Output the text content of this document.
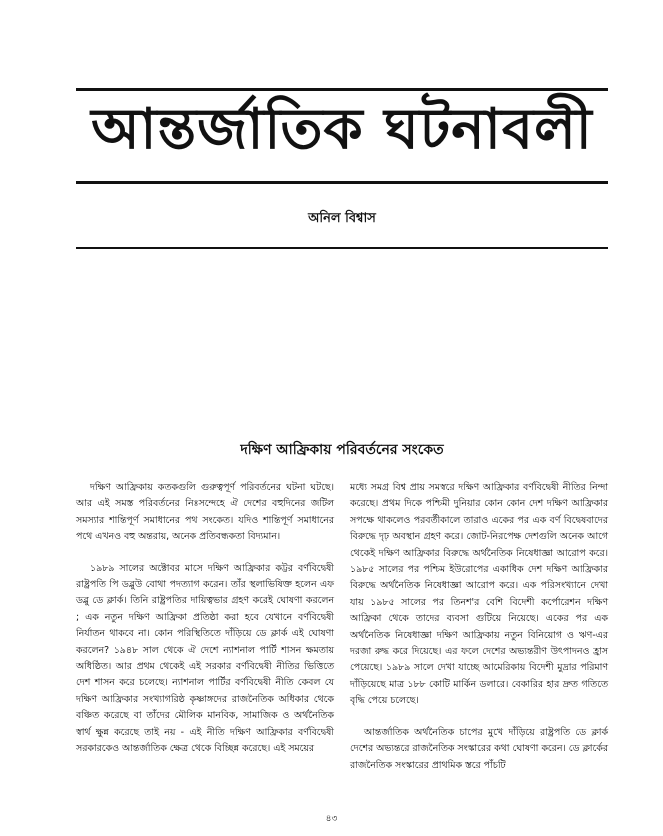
আন্তর্জাতিক ঘটনাবলী
অনিল বিশ্বাস
দক্ষিণ আফ্রিকায় পরিবর্তনের সংকেত

দক্ষিণ আফ্রিকায় কতকগুলি গুরুত্বপূর্ণ পরিবর্তনের ঘটনা ঘটছে। আর এই সমস্ত পরিবর্তনের নিঃসন্দেহে ঐ দেশের বহুদিনের জটিল সমস্যার শান্তিপূর্ণ সমাধানের পথ সংকেত। যদিও শান্তিপূর্ণ সমাধানের পথে এখনও বহু অন্তরায়, অনেক প্রতিবন্ধকতা বিদ্যমান।

১৯৮৯ সালের অক্টোবর মাসে দক্ষিণ আফ্রিকার কট্টর বর্ণবিদ্বেষী রাষ্ট্রপতি পি ডব্লুউ বোথা পদত্যাগ করেন। তাঁর স্থলাভিষিক্ত হলেন এফ ডব্লু ডে ক্লার্ক। তিনি রাষ্ট্রপতির দায়িত্বভার গ্রহণ করেই ঘোষণা করলেন ; এক নতুন দক্ষিণ আফ্রিকা প্রতিষ্ঠা করা হবে যেখানে বর্ণবিদ্বেষী নির্যাতন থাকবে না। কোন পরিস্থিতিতে দাঁড়িয়ে ডে ক্লার্ক এই ঘোষণা করলেন? ১৯৪৮ সাল থেকে ঐ দেশে ন্যাশনাল পার্টি শাসন ক্ষমতায় অধিষ্ঠিত। আর প্রথম থেকেই এই সরকার বর্ণবিদ্বেষী নীতির ভিত্তিতে দেশ শাসন করে চলেছে। ন্যাশনাল পার্টির বর্ণবিদ্বেষী নীতি কেবল যে দক্ষিণ আফ্রিকার সংখ্যাগরিষ্ঠ কৃষ্ণাঙ্গদের রাজনৈতিক অধিকার থেকে বঞ্চিত করেছে বা তাঁদের মৌলিক মানবিক, সামাজিক ও অর্থনৈতিক স্বার্থ ক্ষুন্ন করেছে তাই নয় - এই নীতি দক্ষিণ আফ্রিকার বর্ণবিদ্বেষী সরকারকেও আন্তর্জাতিক ক্ষেত্র থেকে বিচ্ছিন্ন করেছে। এই সময়ের

মধ্যে সমগ্র বিশ্ব প্রায় সমস্বরে দক্ষিণ আফ্রিকার বর্ণবিদ্বেষী নীতির নিন্দা করেছে। প্রথম দিকে পশ্চিমী দুনিয়ার কোন কোন দেশ দক্ষিণ আফ্রিকার সপক্ষে থাকলেও পরবর্তীকালে তারাও একের পর এক বর্ণ বিদ্বেষবাদের বিরুদ্ধে দৃঢ় অবস্থান গ্রহণ করে। জোট-নিরপেক্ষ দেশগুলি অনেক আগে থেকেই দক্ষিণ আফ্রিকার বিরুদ্ধে অর্থনৈতিক নিষেধাজ্ঞা আরোপ করে। ১৯৮৫ সালের পর পশ্চিম ইউরোপের একাধিক দেশ দক্ষিণ আফ্রিকার বিরুদ্ধে অর্থনৈতিক নিষেধাজ্ঞা আরোপ করে। এক পরিসংখ্যানে দেখা যায় ১৯৮৫ সালের পর তিনশ'র বেশি বিদেশী কর্পোরেশন দক্ষিণ আফ্রিকা থেকে তাদের ব্যবসা গুটিয়ে নিয়েছে। একের পর এক অর্থনৈতিক নিষেধাজ্ঞা দক্ষিণ আফ্রিকায় নতুন বিনিয়োগ ও ঋণ-এর দরজা রুদ্ধ করে দিয়েছে। এর ফলে দেশের অভ্যন্তরীণ উৎপাদনও হ্রাস পেয়েছে। ১৯৮৯ সালে দেখা যাচ্ছে আমেরিকায় বিদেশী মুদ্রার পরিমাণ দাঁড়িয়েছে মাত্র ১৮৮ কোটি মার্কিন ডলারে। বেকারির হার দ্রুত গতিতে বৃদ্ধি পেয়ে চলেছে।

আন্তর্জাতিক অর্থনৈতিক চাপের মুখে দাঁড়িয়ে রাষ্ট্রপতি ডে ক্লার্ক দেশের অভ্যন্তরে রাজনৈতিক সংস্কারের কথা ঘোষণা করেন। ডে ক্লার্কের রাজনৈতিক সংস্কারের প্রাথমিক স্তরে পাঁচটি

৪৩
